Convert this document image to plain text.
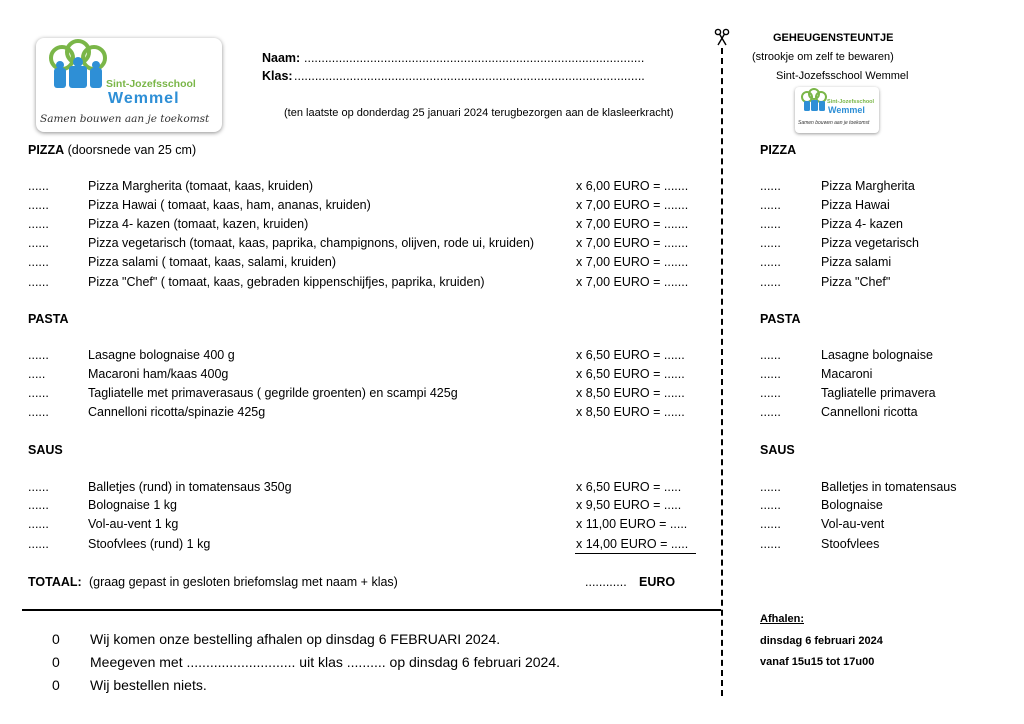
Sint-Jozefsschool
Wemmel
Samen bouwen aan je toekomst
Naam: ..................................................................................................
Klas: .....................................................................................................
(ten laatste op donderdag 25 januari 2024 terugbezorgen aan de klasleerkracht)
PIZZA (doorsnede van 25 cm)
......	Pizza Margherita (tomaat, kaas, kruiden)	x 6,00 EURO = .......
......	Pizza Hawai ( tomaat, kaas, ham, ananas, kruiden)	x 7,00 EURO = .......
......	Pizza 4- kazen (tomaat, kazen, kruiden)	x 7,00 EURO = .......
......	Pizza vegetarisch (tomaat, kaas, paprika, champignons, olijven, rode ui, kruiden)	x 7,00 EURO = .......
......	Pizza salami ( tomaat, kaas, salami, kruiden)	x 7,00 EURO = .......
......	Pizza "Chef" ( tomaat, kaas, gebraden kippenschijfjes, paprika, kruiden)	x 7,00 EURO = .......
PASTA
......	Lasagne bolognaise 400 g	x 6,50 EURO = ......
.....	Macaroni ham/kaas 400g	x 6,50 EURO = ......
......	Tagliatelle met primaverasaus ( gegrilde groenten) en scampi 425g	x 8,50 EURO = ......
......	Cannelloni ricotta/spinazie 425g	x 8,50 EURO = ......
SAUS
......	Balletjes (rund) in tomatensaus 350g	x 6,50 EURO = .....
......	Bolognaise 1 kg	x 9,50 EURO = .....
......	Vol-au-vent 1 kg	x 11,00 EURO = .....
......	Stoofvlees (rund) 1 kg	x 14,00 EURO = .....
TOTAAL: (graag gepast in gesloten briefomslag met naam + klas)	............ EURO
0 Wij komen onze bestelling afhalen op dinsdag 6 FEBRUARI 2024.
0 Meegeven met ............................ uit klas .......... op dinsdag 6 februari 2024.
0 Wij bestellen niets.
GEHEUGENSTEUNTJE
(strookje om zelf te bewaren)
Sint-Jozefsschool Wemmel
Sint-Jozefsschool
Wemmel
Samen bouwen aan je toekomst
PIZZA
......	Pizza Margherita
......	Pizza Hawai
......	Pizza 4- kazen
......	Pizza vegetarisch
......	Pizza salami
......	Pizza "Chef"
PASTA
......	Lasagne bolognaise
......	Macaroni
......	Tagliatelle primavera
......	Cannelloni ricotta
SAUS
......	Balletjes in tomatensaus
......	Bolognaise
......	Vol-au-vent
......	Stoofvlees
Afhalen:
dinsdag 6 februari 2024
vanaf 15u15 tot 17u00
